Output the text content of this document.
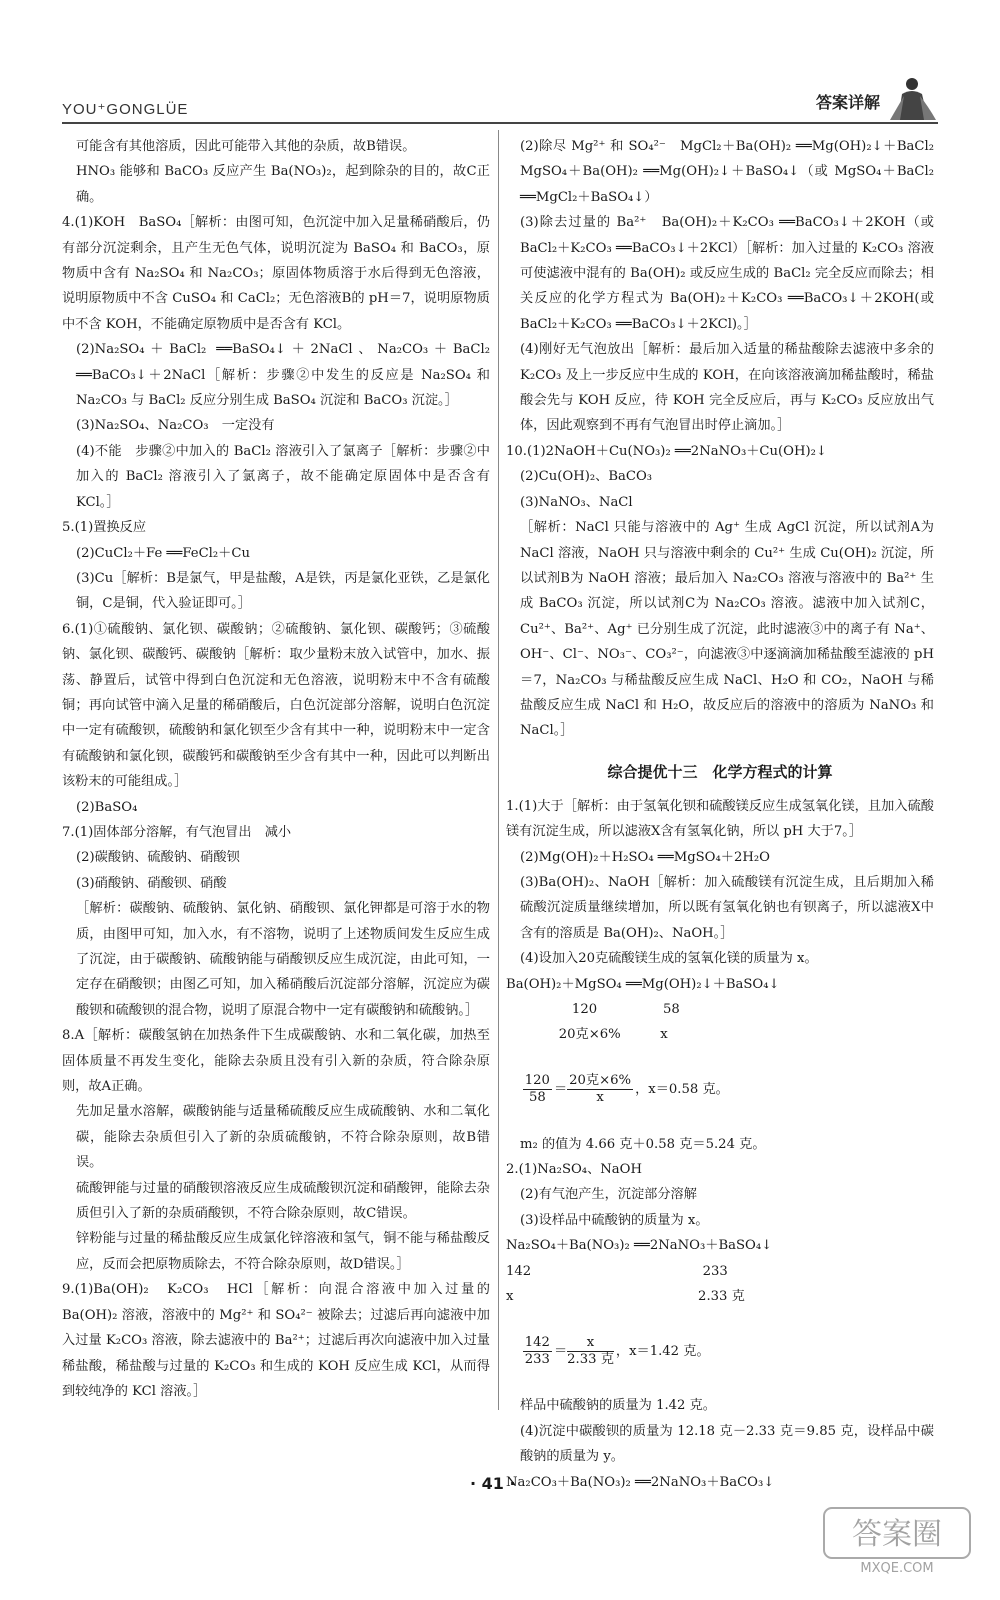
YOU⁺GONGLÜE	答案详解

可能含有其他溶质，因此可能带入其他的杂质，故B错误。

HNO₃ 能够和 BaCO₃ 反应产生 Ba(NO₃)₂，起到除杂的目的，故C正确。

4.(1)KOH　BaSO₄［解析：由图可知，色沉淀中加入足量稀硝酸后，仍有部分沉淀剩余，且产生无色气体，说明沉淀为 BaSO₄ 和 BaCO₃，原物质中含有 Na₂SO₄ 和 Na₂CO₃；原固体物质溶于水后得到无色溶液，说明原物质中不含 CuSO₄ 和 CaCl₂；无色溶液B的 pH＝7，说明原物质中不含 KOH，不能确定原物质中是否含有 KCl。

(2)Na₂SO₄＋BaCl₂ ══BaSO₄↓＋2NaCl、Na₂CO₃＋BaCl₂ ══BaCO₃↓＋2NaCl［解析：步骤②中发生的反应是 Na₂SO₄ 和 Na₂CO₃ 与 BaCl₂ 反应分别生成 BaSO₄ 沉淀和 BaCO₃ 沉淀。］

(3)Na₂SO₄、Na₂CO₃　一定没有

(4)不能　步骤②中加入的 BaCl₂ 溶液引入了氯离子［解析：步骤②中加入的 BaCl₂ 溶液引入了氯离子，故不能确定原固体中是否含有 KCl。］

5.(1)置换反应

(2)CuCl₂＋Fe ══FeCl₂＋Cu

(3)Cu［解析：B是氯气，甲是盐酸，A是铁，丙是氯化亚铁，乙是氯化铜，C是铜，代入验证即可。］

6.(1)①硫酸钠、氯化钡、碳酸钠；②硫酸钠、氯化钡、碳酸钙；③硫酸钠、氯化钡、碳酸钙、碳酸钠［解析：取少量粉末放入试管中，加水、振荡、静置后，试管中得到白色沉淀和无色溶液，说明粉末中不含有硫酸铜；再向试管中滴入足量的稀硝酸后，白色沉淀部分溶解，说明白色沉淀中一定有硫酸钡，硫酸钠和氯化钡至少含有其中一种，说明粉末中一定含有硫酸钠和氯化钡，碳酸钙和碳酸钠至少含有其中一种，因此可以判断出该粉末的可能组成。］

(2)BaSO₄

7.(1)固体部分溶解，有气泡冒出　减小

(2)碳酸钠、硫酸钠、硝酸钡

(3)硝酸钠、硝酸钡、硝酸

［解析：碳酸钠、硫酸钠、氯化钠、硝酸钡、氯化钾都是可溶于水的物质，由图甲可知，加入水，有不溶物，说明了上述物质间发生反应生成了沉淀，由于碳酸钠、硫酸钠能与硝酸钡反应生成沉淀，由此可知，一定存在硝酸钡；由图乙可知，加入稀硝酸后沉淀部分溶解，沉淀应为碳酸钡和硫酸钡的混合物，说明了原混合物中一定有碳酸钠和硫酸钠。］

8.A［解析：碳酸氢钠在加热条件下生成碳酸钠、水和二氧化碳，加热至固体质量不再发生变化，能除去杂质且没有引入新的杂质，符合除杂原则，故A正确。

先加足量水溶解，碳酸钠能与适量稀硫酸反应生成硫酸钠、水和二氧化碳，能除去杂质但引入了新的杂质硫酸钠，不符合除杂原则，故B错误。

硫酸钾能与过量的硝酸钡溶液反应生成硫酸钡沉淀和硝酸钾，能除去杂质但引入了新的杂质硝酸钡，不符合除杂原则，故C错误。

锌粉能与过量的稀盐酸反应生成氯化锌溶液和氢气，铜不能与稀盐酸反应，反而会把原物质除去，不符合除杂原则，故D错误。］

9.(1)Ba(OH)₂　K₂CO₃　HCl［解析：向混合溶液中加入过量的 Ba(OH)₂ 溶液，溶液中的 Mg²⁺ 和 SO₄²⁻ 被除去；过滤后再向滤液中加入过量 K₂CO₃ 溶液，除去滤液中的 Ba²⁺；过滤后再次向滤液中加入过量稀盐酸，稀盐酸与过量的 K₂CO₃ 和生成的 KOH 反应生成 KCl，从而得到较纯净的 KCl 溶液。］

(2)除尽 Mg²⁺ 和 SO₄²⁻　MgCl₂＋Ba(OH)₂ ══Mg(OH)₂↓＋BaCl₂　MgSO₄＋Ba(OH)₂ ══Mg(OH)₂↓＋BaSO₄↓（或 MgSO₄＋BaCl₂ ══MgCl₂＋BaSO₄↓）

(3)除去过量的 Ba²⁺　Ba(OH)₂＋K₂CO₃ ══BaCO₃↓＋2KOH（或 BaCl₂＋K₂CO₃ ══BaCO₃↓＋2KCl）［解析：加入过量的 K₂CO₃ 溶液可使滤液中混有的 Ba(OH)₂ 或反应生成的 BaCl₂ 完全反应而除去；相关反应的化学方程式为 Ba(OH)₂＋K₂CO₃ ══BaCO₃↓＋2KOH(或 BaCl₂＋K₂CO₃ ══BaCO₃↓＋2KCl)。］

(4)刚好无气泡放出［解析：最后加入适量的稀盐酸除去滤液中多余的 K₂CO₃ 及上一步反应中生成的 KOH，在向该溶液滴加稀盐酸时，稀盐酸会先与 KOH 反应，待 KOH 完全反应后，再与 K₂CO₃ 反应放出气体，因此观察到不再有气泡冒出时停止滴加。］

10.(1)2NaOH＋Cu(NO₃)₂ ══2NaNO₃＋Cu(OH)₂↓

(2)Cu(OH)₂、BaCO₃

(3)NaNO₃、NaCl

［解析：NaCl 只能与溶液中的 Ag⁺ 生成 AgCl 沉淀，所以试剂A为 NaCl 溶液，NaOH 只与溶液中剩余的 Cu²⁺ 生成 Cu(OH)₂ 沉淀，所以试剂B为 NaOH 溶液；最后加入 Na₂CO₃ 溶液与溶液中的 Ba²⁺ 生成 BaCO₃ 沉淀，所以试剂C为 Na₂CO₃ 溶液。滤液中加入试剂C，Cu²⁺、Ba²⁺、Ag⁺ 已分别生成了沉淀，此时滤液③中的离子有 Na⁺、OH⁻、Cl⁻、NO₃⁻、CO₃²⁻，向滤液③中逐滴滴加稀盐酸至滤液的 pH＝7，Na₂CO₃ 与稀盐酸反应生成 NaCl、H₂O 和 CO₂，NaOH 与稀盐酸反应生成 NaCl 和 H₂O，故反应后的溶液中的溶质为 NaNO₃ 和 NaCl。］

综合提优十三　化学方程式的计算

1.(1)大于［解析：由于氢氧化钡和硫酸镁反应生成氢氧化镁，且加入硫酸镁有沉淀生成，所以滤液X含有氢氧化钠，所以 pH 大于7。］

(2)Mg(OH)₂＋H₂SO₄ ══MgSO₄＋2H₂O

(3)Ba(OH)₂、NaOH［解析：加入硫酸镁有沉淀生成，且后期加入稀硫酸沉淀质量继续增加，所以既有氢氧化钠也有钡离子，所以滤液X中含有的溶质是 Ba(OH)₂、NaOH。］

(4)设加入20克硫酸镁生成的氢氧化镁的质量为 x。

Ba(OH)₂＋MgSO₄ ══Mg(OH)₂↓＋BaSO₄↓

　　　　　120　　　　　58

　　　　20克×6%　　　x

$\frac{120}{58} = \frac{\text{20克×6\%}}{x}$ ，x＝0.58 克。

m₂ 的值为 4.66 克＋0.58 克＝5.24 克。

2.(1)Na₂SO₄、NaOH

(2)有气泡产生，沉淀部分溶解

(3)设样品中硫酸钠的质量为 x。

Na₂SO₄＋Ba(NO₃)₂ ══2NaNO₃＋BaSO₄↓

142　　　　　　　　　　　　　233

x　　　　　　　　　　　　　　2.33 克

$\frac{142}{233} = \frac{x}{\text{2.33 克}}$ ，x＝1.42 克。

样品中硫酸钠的质量为 1.42 克。

(4)沉淀中碳酸钡的质量为 12.18 克－2.33 克＝9.85 克，设样品中碳酸钠的质量为 y。

Na₂CO₃＋Ba(NO₃)₂ ══2NaNO₃＋BaCO₃↓

· 41 ·
答案圈
MXQE.COM
